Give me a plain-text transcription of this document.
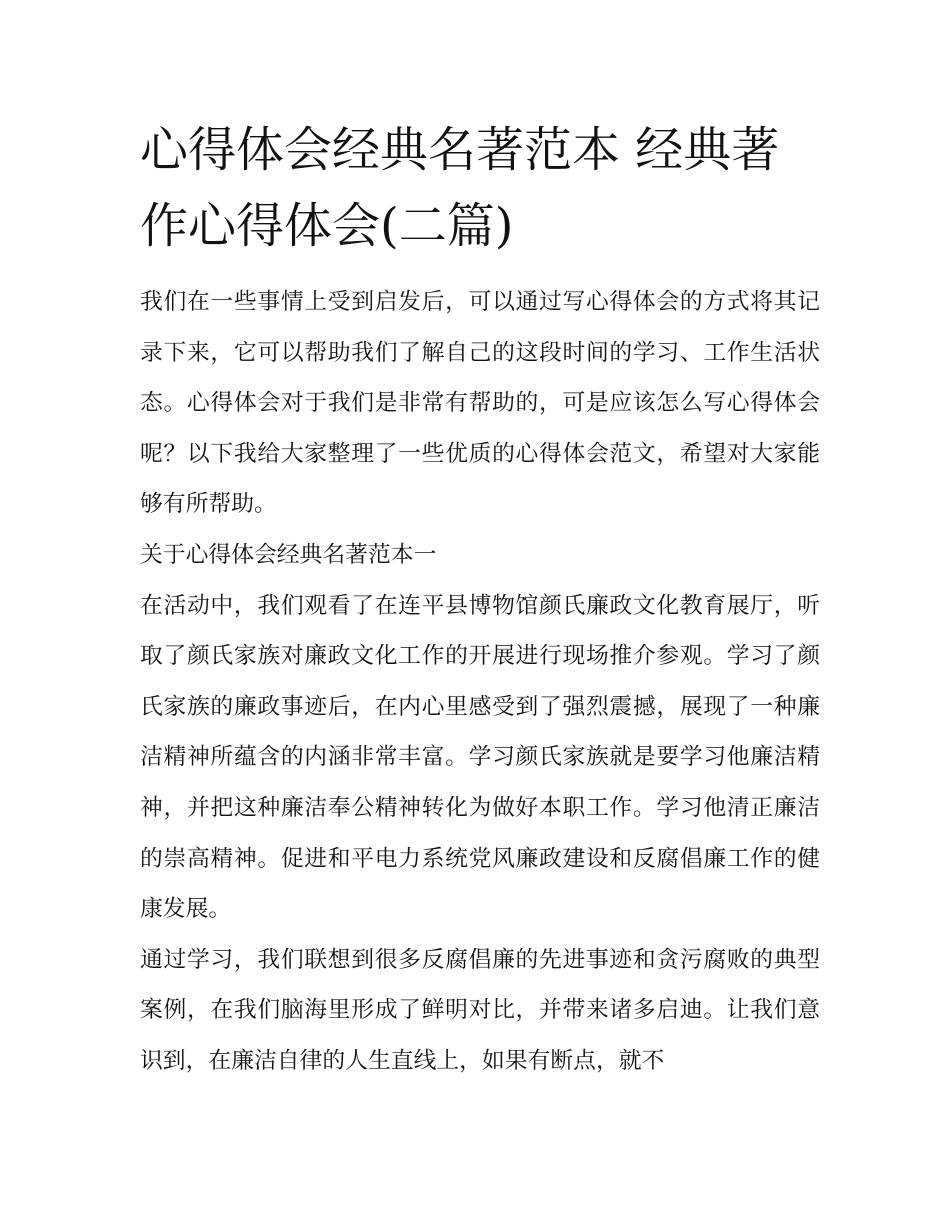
心得体会经典名著范本 经典著作心得体会(二篇)

我们在一些事情上受到启发后，可以通过写心得体会的方式将其记录下来，它可以帮助我们了解自己的这段时间的学习、工作生活状态。心得体会对于我们是非常有帮助的，可是应该怎么写心得体会呢？以下我给大家整理了一些优质的心得体会范文，希望对大家能够有所帮助。

关于心得体会经典名著范本一

在活动中，我们观看了在连平县博物馆颜氏廉政文化教育展厅，听取了颜氏家族对廉政文化工作的开展进行现场推介参观。学习了颜氏家族的廉政事迹后，在内心里感受到了强烈震撼，展现了一种廉洁精神所蕴含的内涵非常丰富。学习颜氏家族就是要学习他廉洁精神，并把这种廉洁奉公精神转化为做好本职工作。学习他清正廉洁的崇高精神。促进和平电力系统党风廉政建设和反腐倡廉工作的健康发展。

通过学习，我们联想到很多反腐倡廉的先进事迹和贪污腐败的典型案例，在我们脑海里形成了鲜明对比，并带来诸多启迪。让我们意识到，在廉洁自律的人生直线上，如果有断点，就不
